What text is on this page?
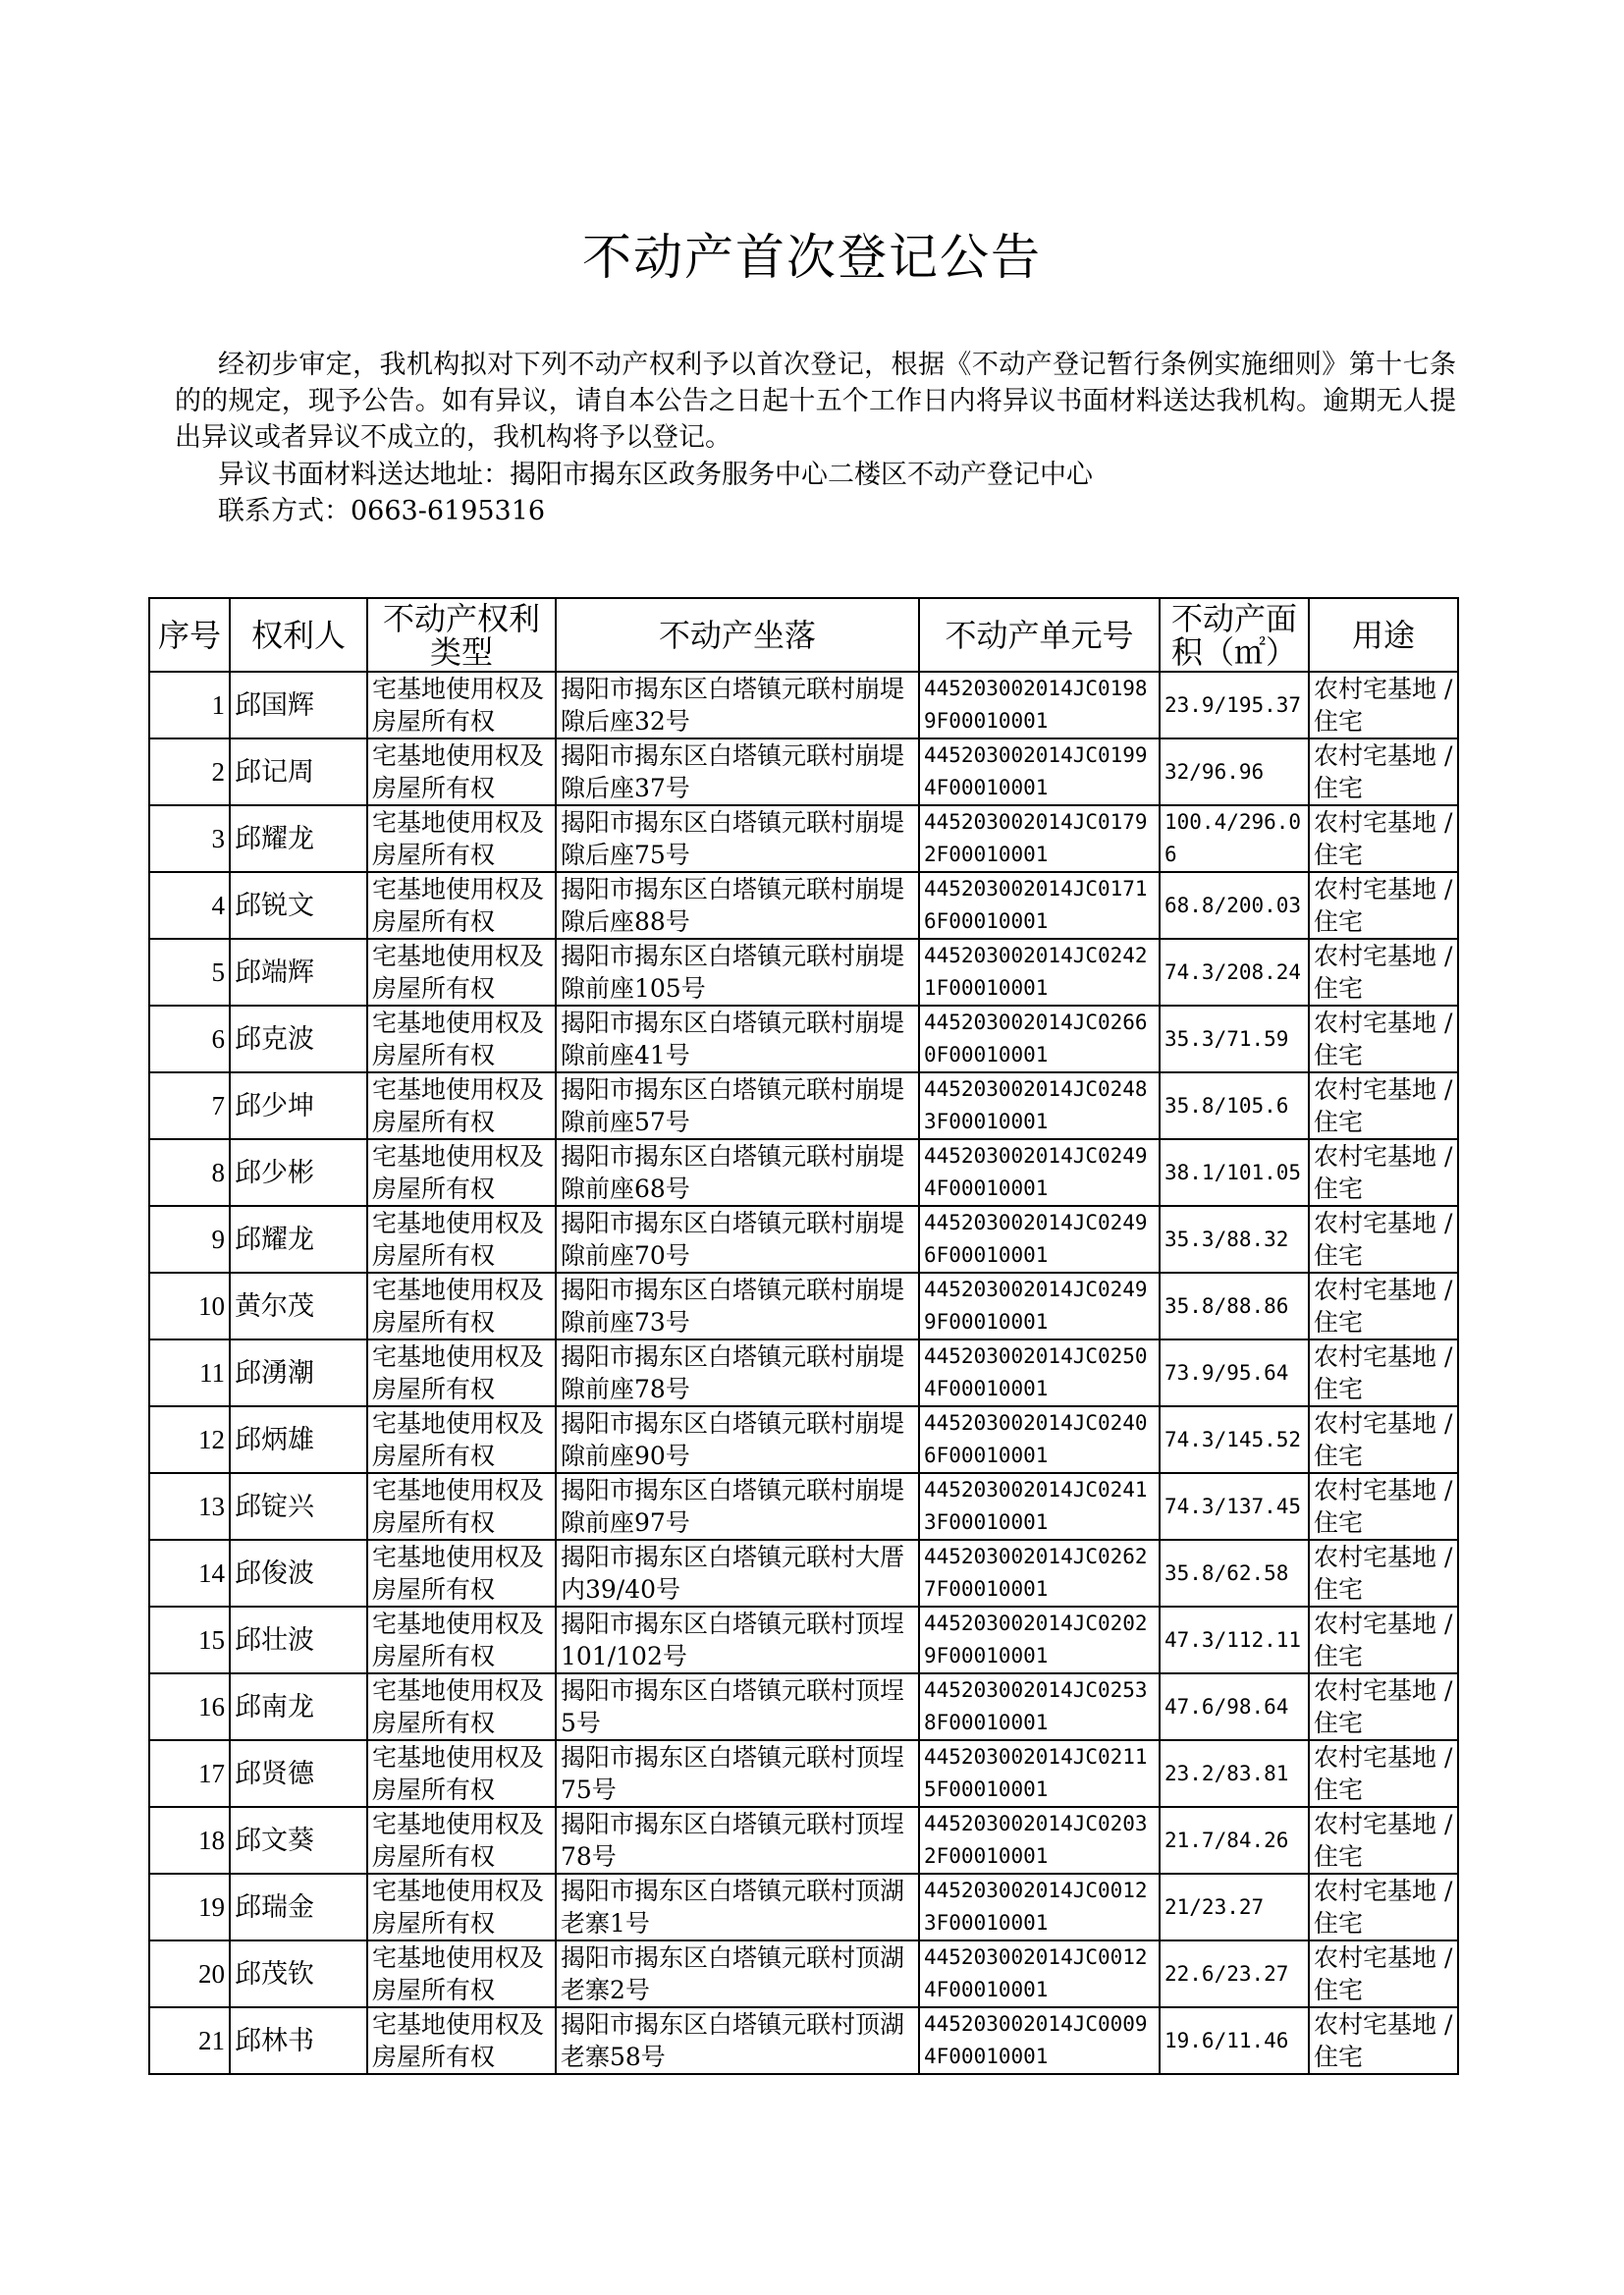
不动产首次登记公告
经初步审定，我机构拟对下列不动产权利予以首次登记，根据《不动产登记暂行条例实施细则》第十七条的的规定，现予公告。如有异议，请自本公告之日起十五个工作日内将异议书面材料送达我机构。逾期无人提出异议或者异议不成立的，我机构将予以登记。
异议书面材料送达地址：揭阳市揭东区政务服务中心二楼区不动产登记中心
联系方式：0663-6195316
序号	权利人	不动产权利类型	不动产坐落	不动产单元号	不动产面积（㎡）	用途
1	邱国辉	宅基地使用权及房屋所有权	揭阳市揭东区白塔镇元联村崩堤隙后座32号	445203002014JC01989F00010001	23.9/195.37	农村宅基地 / 住宅
2	邱记周	宅基地使用权及房屋所有权	揭阳市揭东区白塔镇元联村崩堤隙后座37号	445203002014JC01994F00010001	32/96.96	农村宅基地 / 住宅
3	邱耀龙	宅基地使用权及房屋所有权	揭阳市揭东区白塔镇元联村崩堤隙后座75号	445203002014JC01792F00010001	100.4/296.06	农村宅基地 / 住宅
4	邱锐文	宅基地使用权及房屋所有权	揭阳市揭东区白塔镇元联村崩堤隙后座88号	445203002014JC01716F00010001	68.8/200.03	农村宅基地 / 住宅
5	邱端辉	宅基地使用权及房屋所有权	揭阳市揭东区白塔镇元联村崩堤隙前座105号	445203002014JC02421F00010001	74.3/208.24	农村宅基地 / 住宅
6	邱克波	宅基地使用权及房屋所有权	揭阳市揭东区白塔镇元联村崩堤隙前座41号	445203002014JC02660F00010001	35.3/71.59	农村宅基地 / 住宅
7	邱少坤	宅基地使用权及房屋所有权	揭阳市揭东区白塔镇元联村崩堤隙前座57号	445203002014JC02483F00010001	35.8/105.6	农村宅基地 / 住宅
8	邱少彬	宅基地使用权及房屋所有权	揭阳市揭东区白塔镇元联村崩堤隙前座68号	445203002014JC02494F00010001	38.1/101.05	农村宅基地 / 住宅
9	邱耀龙	宅基地使用权及房屋所有权	揭阳市揭东区白塔镇元联村崩堤隙前座70号	445203002014JC02496F00010001	35.3/88.32	农村宅基地 / 住宅
10	黄尔茂	宅基地使用权及房屋所有权	揭阳市揭东区白塔镇元联村崩堤隙前座73号	445203002014JC02499F00010001	35.8/88.86	农村宅基地 / 住宅
11	邱湧潮	宅基地使用权及房屋所有权	揭阳市揭东区白塔镇元联村崩堤隙前座78号	445203002014JC02504F00010001	73.9/95.64	农村宅基地 / 住宅
12	邱炳雄	宅基地使用权及房屋所有权	揭阳市揭东区白塔镇元联村崩堤隙前座90号	445203002014JC02406F00010001	74.3/145.52	农村宅基地 / 住宅
13	邱锭兴	宅基地使用权及房屋所有权	揭阳市揭东区白塔镇元联村崩堤隙前座97号	445203002014JC02413F00010001	74.3/137.45	农村宅基地 / 住宅
14	邱俊波	宅基地使用权及房屋所有权	揭阳市揭东区白塔镇元联村大厝内39/40号	445203002014JC02627F00010001	35.8/62.58	农村宅基地 / 住宅
15	邱壮波	宅基地使用权及房屋所有权	揭阳市揭东区白塔镇元联村顶埕101/102号	445203002014JC02029F00010001	47.3/112.11	农村宅基地 / 住宅
16	邱南龙	宅基地使用权及房屋所有权	揭阳市揭东区白塔镇元联村顶埕5号	445203002014JC02538F00010001	47.6/98.64	农村宅基地 / 住宅
17	邱贤德	宅基地使用权及房屋所有权	揭阳市揭东区白塔镇元联村顶埕75号	445203002014JC02115F00010001	23.2/83.81	农村宅基地 / 住宅
18	邱文葵	宅基地使用权及房屋所有权	揭阳市揭东区白塔镇元联村顶埕78号	445203002014JC02032F00010001	21.7/84.26	农村宅基地 / 住宅
19	邱瑞金	宅基地使用权及房屋所有权	揭阳市揭东区白塔镇元联村顶湖老寨1号	445203002014JC00123F00010001	21/23.27	农村宅基地 / 住宅
20	邱茂钦	宅基地使用权及房屋所有权	揭阳市揭东区白塔镇元联村顶湖老寨2号	445203002014JC00124F00010001	22.6/23.27	农村宅基地 / 住宅
21	邱林书	宅基地使用权及房屋所有权	揭阳市揭东区白塔镇元联村顶湖老寨58号	445203002014JC00094F00010001	19.6/11.46	农村宅基地 / 住宅
